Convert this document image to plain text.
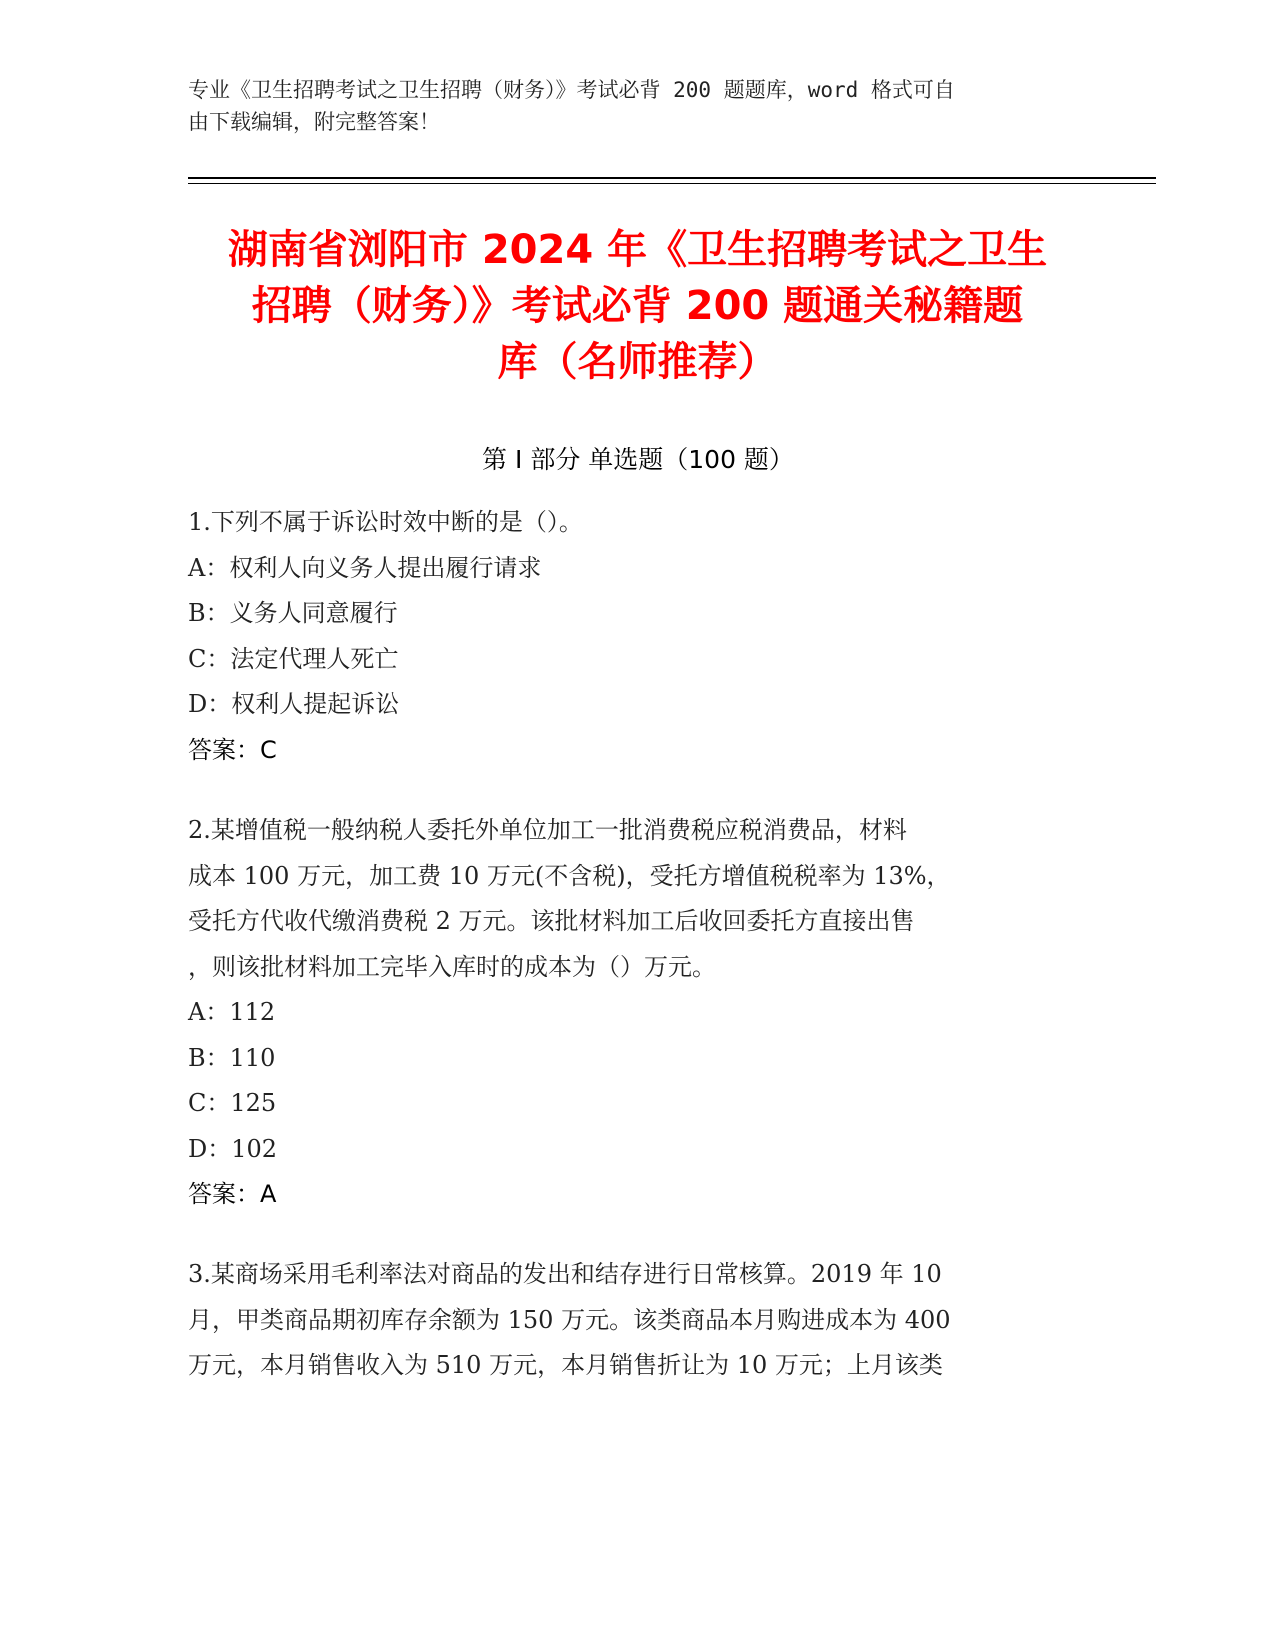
专业《卫生招聘考试之卫生招聘（财务）》考试必背 200 题题库，word 格式可自
由下载编辑，附完整答案！
湖南省浏阳市 2024 年《卫生招聘考试之卫生
招聘（财务）》考试必背 200 题通关秘籍题
库（名师推荐）
第 I 部分 单选题（100 题）
1.下列不属于诉讼时效中断的是（）。
A：权利人向义务人提出履行请求
B：义务人同意履行
C：法定代理人死亡
D：权利人提起诉讼
答案：C
2.某增值税一般纳税人委托外单位加工一批消费税应税消费品，材料
成本 100 万元，加工费 10 万元(不含税)，受托方增值税税率为 13%，
受托方代收代缴消费税 2 万元。该批材料加工后收回委托方直接出售
，则该批材料加工完毕入库时的成本为（）万元。
A：112
B：110
C：125
D：102
答案：A
3.某商场采用毛利率法对商品的发出和结存进行日常核算。2019 年 10
月，甲类商品期初库存余额为 150 万元。该类商品本月购进成本为 400
万元，本月销售收入为 510 万元，本月销售折让为 10 万元；上月该类
